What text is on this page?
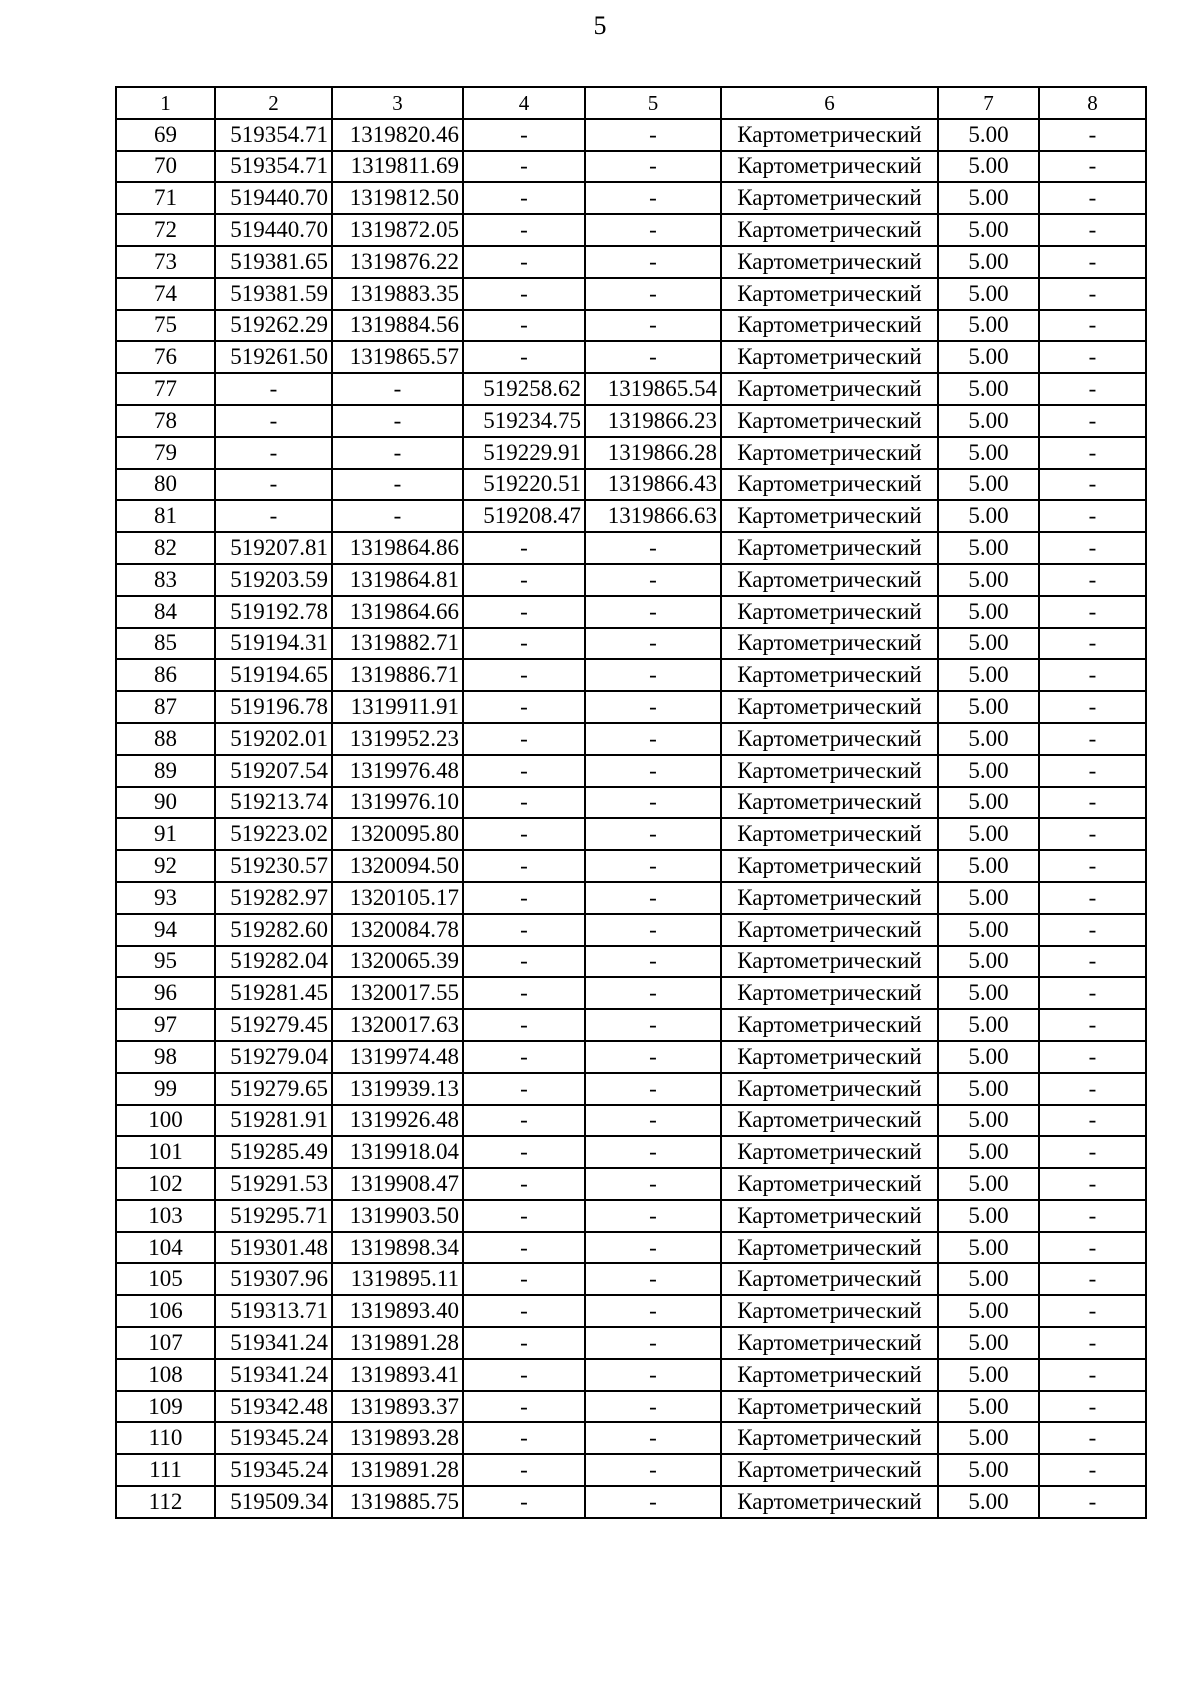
5
1	2	3	4	5	6	7	8
69	519354.71	1319820.46	-	-	Картометрический	5.00	-
70	519354.71	1319811.69	-	-	Картометрический	5.00	-
71	519440.70	1319812.50	-	-	Картометрический	5.00	-
72	519440.70	1319872.05	-	-	Картометрический	5.00	-
73	519381.65	1319876.22	-	-	Картометрический	5.00	-
74	519381.59	1319883.35	-	-	Картометрический	5.00	-
75	519262.29	1319884.56	-	-	Картометрический	5.00	-
76	519261.50	1319865.57	-	-	Картометрический	5.00	-
77	-	-	519258.62	1319865.54	Картометрический	5.00	-
78	-	-	519234.75	1319866.23	Картометрический	5.00	-
79	-	-	519229.91	1319866.28	Картометрический	5.00	-
80	-	-	519220.51	1319866.43	Картометрический	5.00	-
81	-	-	519208.47	1319866.63	Картометрический	5.00	-
82	519207.81	1319864.86	-	-	Картометрический	5.00	-
83	519203.59	1319864.81	-	-	Картометрический	5.00	-
84	519192.78	1319864.66	-	-	Картометрический	5.00	-
85	519194.31	1319882.71	-	-	Картометрический	5.00	-
86	519194.65	1319886.71	-	-	Картометрический	5.00	-
87	519196.78	1319911.91	-	-	Картометрический	5.00	-
88	519202.01	1319952.23	-	-	Картометрический	5.00	-
89	519207.54	1319976.48	-	-	Картометрический	5.00	-
90	519213.74	1319976.10	-	-	Картометрический	5.00	-
91	519223.02	1320095.80	-	-	Картометрический	5.00	-
92	519230.57	1320094.50	-	-	Картометрический	5.00	-
93	519282.97	1320105.17	-	-	Картометрический	5.00	-
94	519282.60	1320084.78	-	-	Картометрический	5.00	-
95	519282.04	1320065.39	-	-	Картометрический	5.00	-
96	519281.45	1320017.55	-	-	Картометрический	5.00	-
97	519279.45	1320017.63	-	-	Картометрический	5.00	-
98	519279.04	1319974.48	-	-	Картометрический	5.00	-
99	519279.65	1319939.13	-	-	Картометрический	5.00	-
100	519281.91	1319926.48	-	-	Картометрический	5.00	-
101	519285.49	1319918.04	-	-	Картометрический	5.00	-
102	519291.53	1319908.47	-	-	Картометрический	5.00	-
103	519295.71	1319903.50	-	-	Картометрический	5.00	-
104	519301.48	1319898.34	-	-	Картометрический	5.00	-
105	519307.96	1319895.11	-	-	Картометрический	5.00	-
106	519313.71	1319893.40	-	-	Картометрический	5.00	-
107	519341.24	1319891.28	-	-	Картометрический	5.00	-
108	519341.24	1319893.41	-	-	Картометрический	5.00	-
109	519342.48	1319893.37	-	-	Картометрический	5.00	-
110	519345.24	1319893.28	-	-	Картометрический	5.00	-
111	519345.24	1319891.28	-	-	Картометрический	5.00	-
112	519509.34	1319885.75	-	-	Картометрический	5.00	-
